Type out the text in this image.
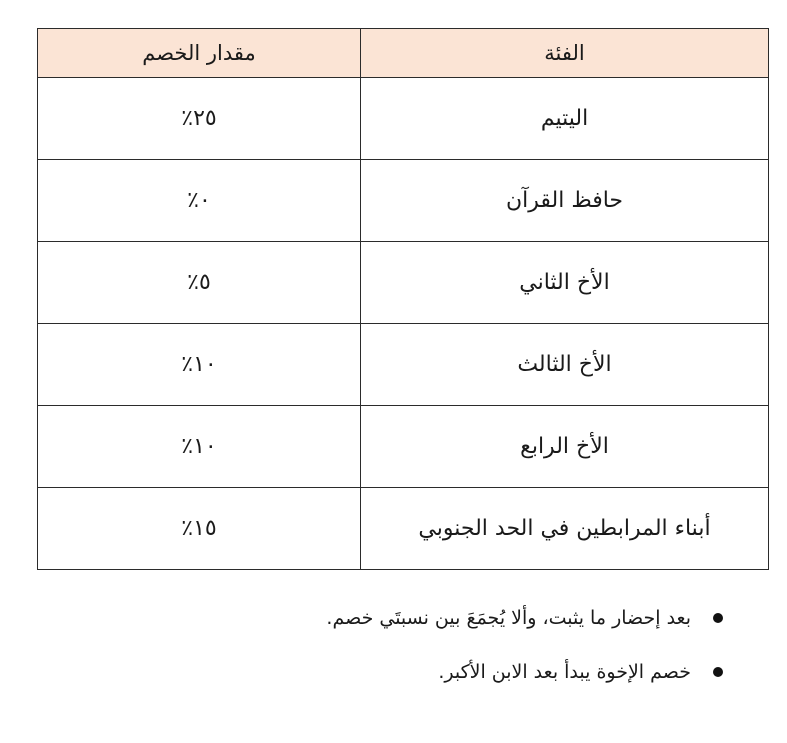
الفئة	مقدار الخصم
اليتيم	٢٥٪
حافظ القرآن	٠٪
الأخ الثاني	٥٪
الأخ الثالث	١٠٪
الأخ الرابع	١٠٪
أبناء المرابطين في الحد الجنوبي	١٥٪
بعد إحضار ما يثبت، وألا يُجمَعَ بين نسبتَي خصم.
خصم الإخوة يبدأ بعد الابن الأكبر.
